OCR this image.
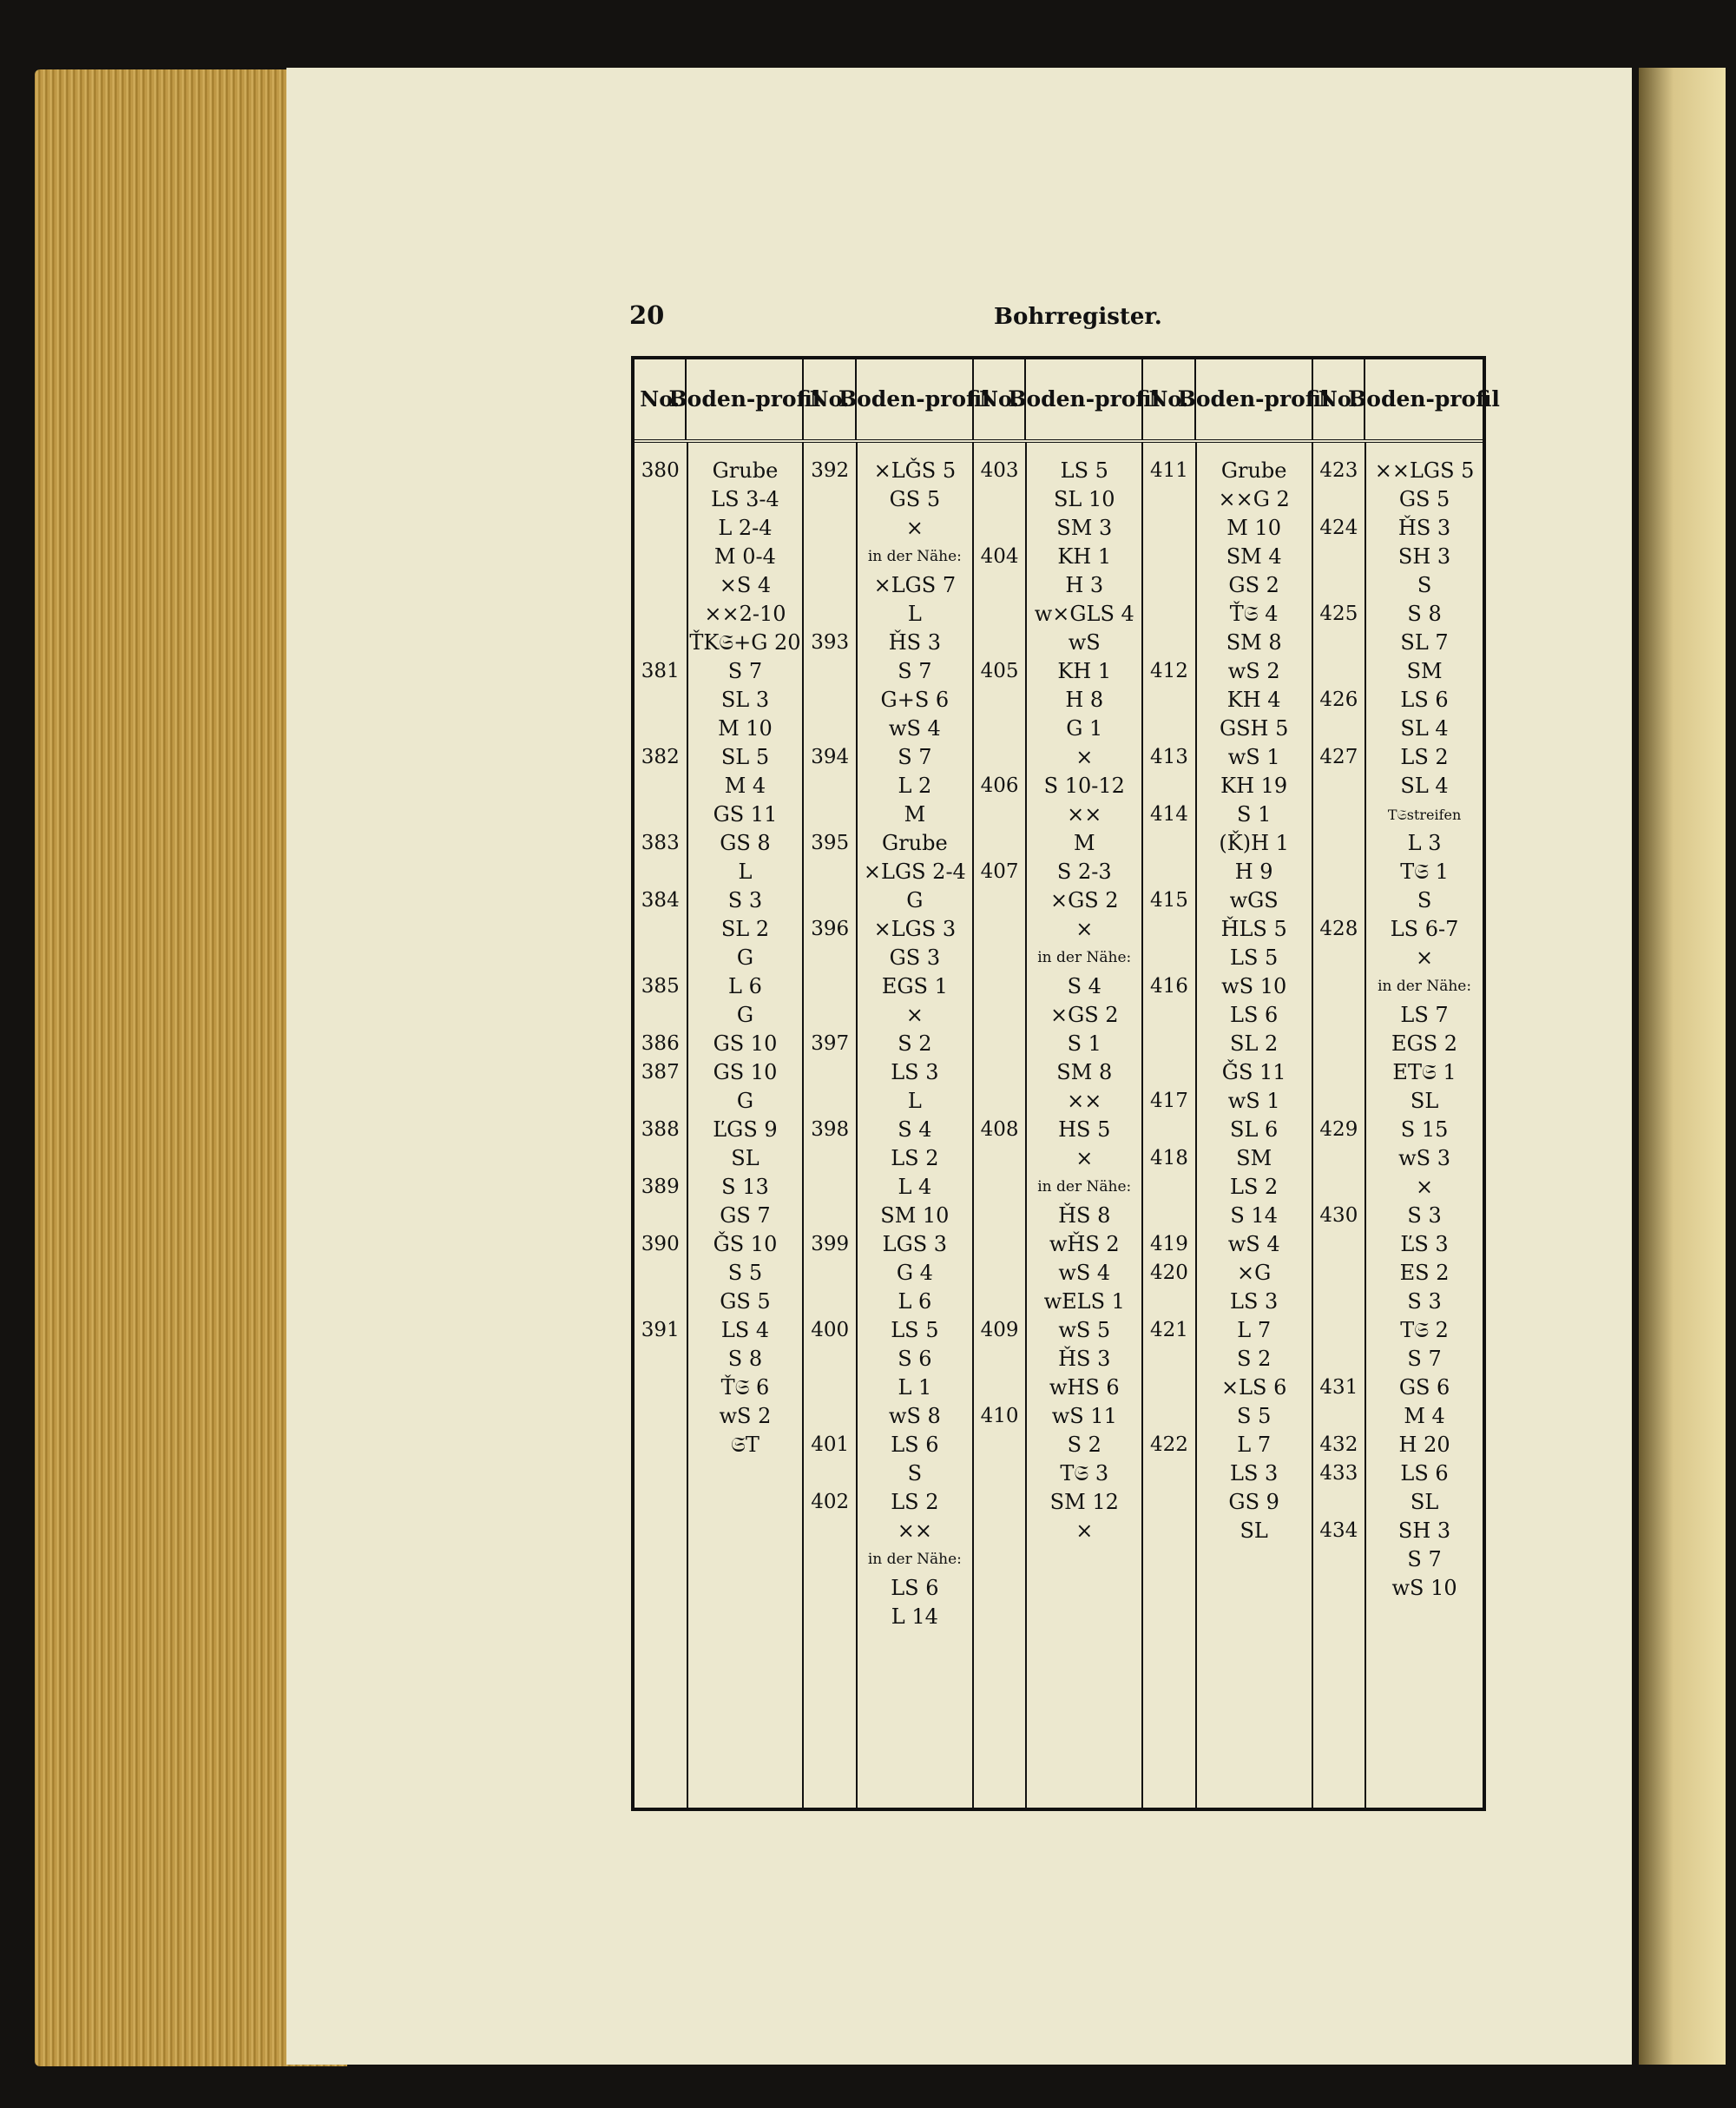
20	Bohrregister.
No.
Boden- profil
No.
Boden- profil
No.
Boden- profil
No.
Boden- profil
No.
Boden- profil
380
381
382
383
384
385
386
387
388
389
390
391
Grube
LS 3-4
L 2-4
M 0-4
×S 4
××2-10
ŤK𝔖+G 20
S 7
SL 3
M 10
SL 5
M 4
GS 11
GS 8
L
S 3
SL 2
G
L 6
G
GS 10
GS 10
G
ĽGS 9
SL
S 13
GS 7
ǦS 10
S 5
GS 5
LS 4
S 8
Ť𝔖 6
wS 2
𝔖T
392
393
394
395
396
397
398
399
400
401
402
×LǦS 5
GS 5
×
in der Nähe:
×LGS 7
L
ȞS 3
S 7
G+S 6
wS 4
S 7
L 2
M
Grube
×LGS 2-4
G
×LGS 3
GS 3
EGS 1
×
S 2
LS 3
L
S 4
LS 2
L 4
SM 10
LGS 3
G 4
L 6
LS 5
S 6
L 1
wS 8
LS 6
S
LS 2
××
in der Nähe:
LS 6
L 14
403
404
405
406
407
408
409
410
LS 5
SL 10
SM 3
KH 1
H 3
w×GLS 4
wS
KH 1
H 8
G 1
×
S 10-12
××
M
S 2-3
×GS 2
×
in der Nähe:
S 4
×GS 2
S 1
SM 8
××
HS 5
×
in der Nähe:
ȞS 8
wȞS 2
wS 4
wELS 1
wS 5
ȞS 3
wHS 6
wS 11
S 2
T𝔖 3
SM 12
×
411
412
413
414
415
416
417
418
419
420
421
422
Grube
××G 2
M 10
SM 4
GS 2
Ť𝔖 4
SM 8
wS 2
KH 4
GSH 5
wS 1
KH 19
S 1
(Ǩ)H 1
H 9
wGS
ȞLS 5
LS 5
wS 10
LS 6
SL 2
ǦS 11
wS 1
SL 6
SM
LS 2
S 14
wS 4
×G
LS 3
L 7
S 2
×LS 6
S 5
L 7
LS 3
GS 9
SL
423
424
425
426
427
428
429
430
431
432
433
434
××LGS 5
GS 5
ȞS 3
SH 3
S
S 8
SL 7
SM
LS 6
SL 4
LS 2
SL 4
T𝔖streifen
L 3
T𝔖 1
S
LS 6-7
×
in der Nähe:
LS 7
EGS 2
ET𝔖 1
SL
S 15
wS 3
×
S 3
ĽS 3
ES 2
S 3
T𝔖 2
S 7
GS 6
M 4
H 20
LS 6
SL
SH 3
S 7
wS 10
